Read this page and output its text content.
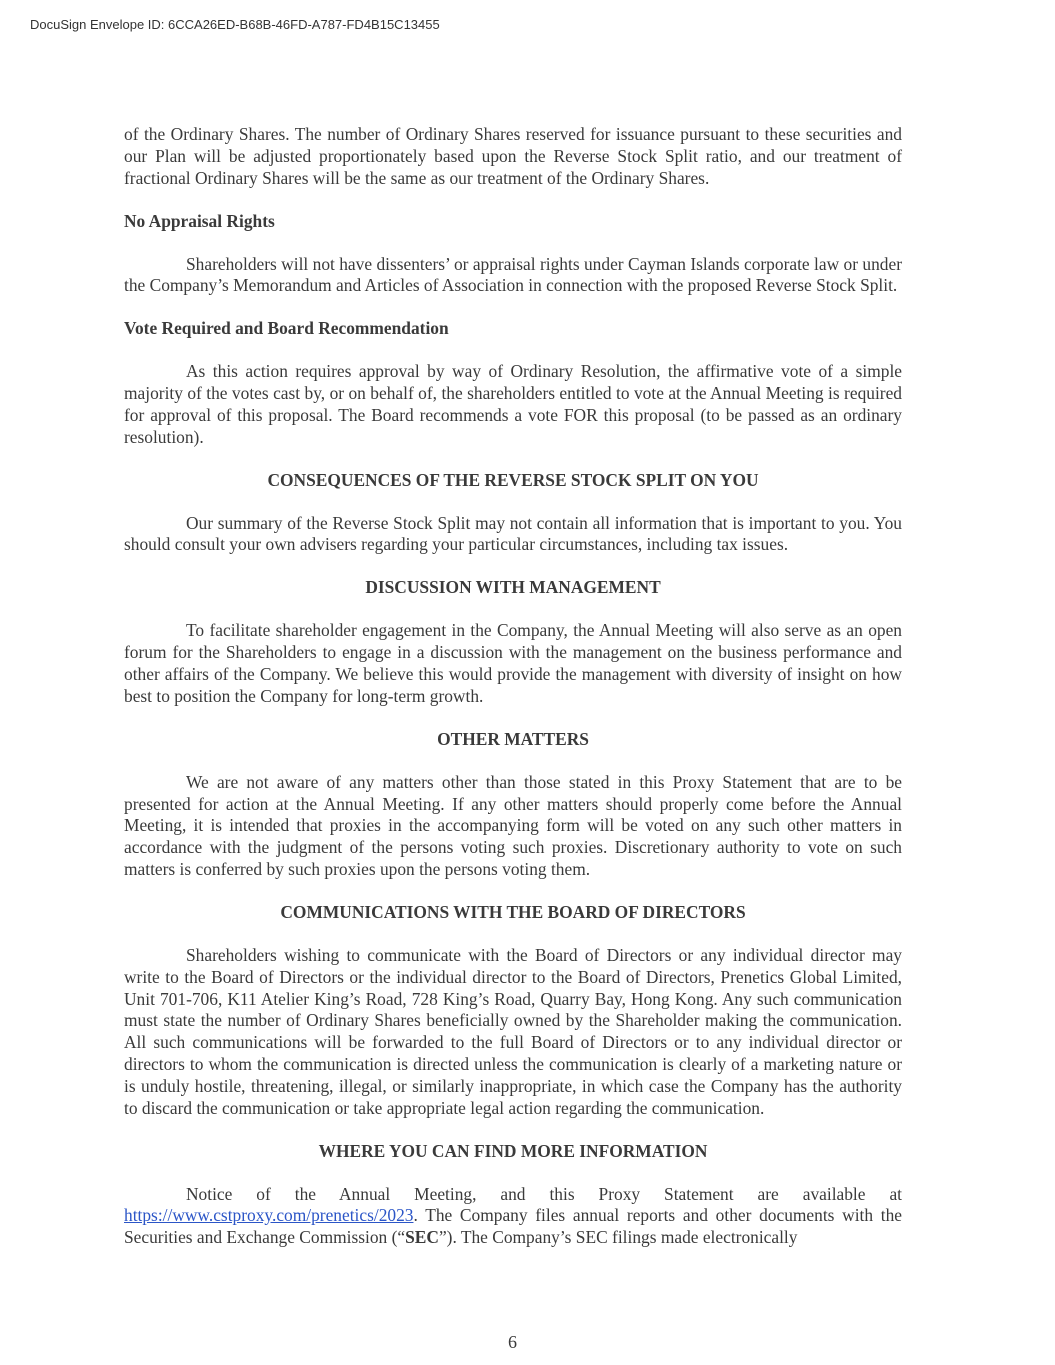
DocuSign Envelope ID: 6CCA26ED-B68B-46FD-A787-FD4B15C13455

of the Ordinary Shares. The number of Ordinary Shares reserved for issuance pursuant to these securities and our Plan will be adjusted proportionately based upon the Reverse Stock Split ratio, and our treatment of fractional Ordinary Shares will be the same as our treatment of the Ordinary Shares.

No Appraisal Rights

Shareholders will not have dissenters’ or appraisal rights under Cayman Islands corporate law or under the Company’s Memorandum and Articles of Association in connection with the proposed Reverse Stock Split.

Vote Required and Board Recommendation

As this action requires approval by way of Ordinary Resolution, the affirmative vote of a simple majority of the votes cast by, or on behalf of, the shareholders entitled to vote at the Annual Meeting is required for approval of this proposal. The Board recommends a vote FOR this proposal (to be passed as an ordinary resolution).

CONSEQUENCES OF THE REVERSE STOCK SPLIT ON YOU

Our summary of the Reverse Stock Split may not contain all information that is important to you. You should consult your own advisers regarding your particular circumstances, including tax issues.

DISCUSSION WITH MANAGEMENT

To facilitate shareholder engagement in the Company, the Annual Meeting will also serve as an open forum for the Shareholders to engage in a discussion with the management on the business performance and other affairs of the Company. We believe this would provide the management with diversity of insight on how best to position the Company for long-term growth.

OTHER MATTERS

We are not aware of any matters other than those stated in this Proxy Statement that are to be presented for action at the Annual Meeting. If any other matters should properly come before the Annual Meeting, it is intended that proxies in the accompanying form will be voted on any such other matters in accordance with the judgment of the persons voting such proxies. Discretionary authority to vote on such matters is conferred by such proxies upon the persons voting them.

COMMUNICATIONS WITH THE BOARD OF DIRECTORS

Shareholders wishing to communicate with the Board of Directors or any individual director may write to the Board of Directors or the individual director to the Board of Directors, Prenetics Global Limited, Unit 701-706, K11 Atelier King’s Road, 728 King’s Road, Quarry Bay, Hong Kong. Any such communication must state the number of Ordinary Shares beneficially owned by the Shareholder making the communication. All such communications will be forwarded to the full Board of Directors or to any individual director or directors to whom the communication is directed unless the communication is clearly of a marketing nature or is unduly hostile, threatening, illegal, or similarly inappropriate, in which case the Company has the authority to discard the communication or take appropriate legal action regarding the communication.

WHERE YOU CAN FIND MORE INFORMATION

Notice of the Annual Meeting, and this Proxy Statement are available at https://www.cstproxy.com/prenetics/2023. The Company files annual reports and other documents with the Securities and Exchange Commission (“SEC”). The Company’s SEC filings made electronically

6
